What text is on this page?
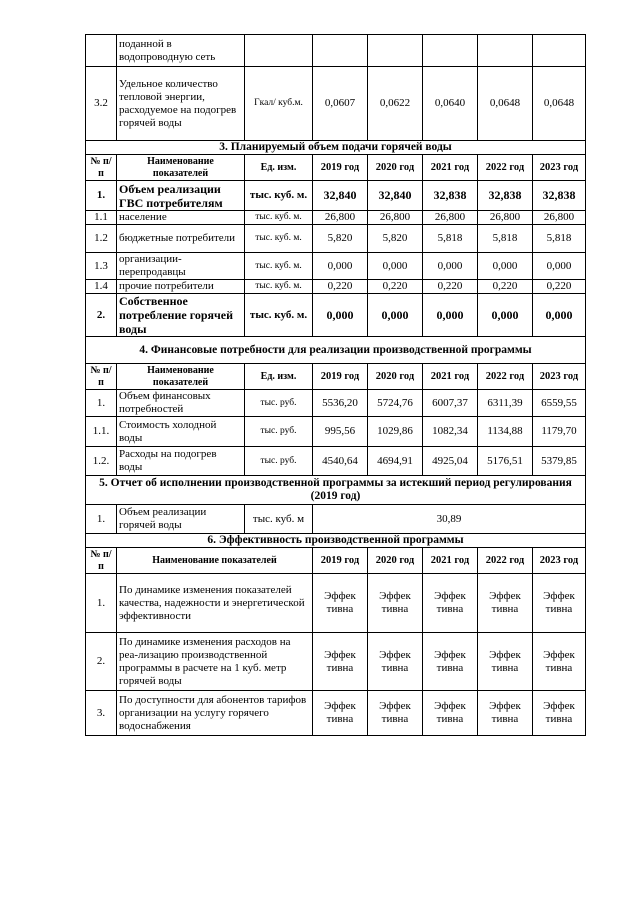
	поданной в водопроводную сеть						
3.2	Удельное количество тепловой энергии, расходуемое на подогрев горячей воды	Гкал/ куб.м.	0,0607	0,0622	0,0640	0,0648	0,0648
3. Планируемый объем подачи горячей воды							
№ п/п	Наименование показателей	Ед. изм.	2019 год	2020 год	2021 год	2022 год	2023 год
1.	Объем реализации ГВС потребителям	тыс. куб. м.	32,840	32,840	32,838	32,838	32,838
1.1	население	тыс. куб. м.	26,800	26,800	26,800	26,800	26,800
1.2	бюджетные потребители	тыс. куб. м.	5,820	5,820	5,818	5,818	5,818
1.3	организации-перепродавцы	тыс. куб. м.	0,000	0,000	0,000	0,000	0,000
1.4	прочие потребители	тыс. куб. м.	0,220	0,220	0,220	0,220	0,220
2.	Собственное потребление горячей воды	тыс. куб. м.	0,000	0,000	0,000	0,000	0,000
4. Финансовые потребности для реализации производственной программы							
№ п/п	Наименование показателей	Ед. изм.	2019 год	2020 год	2021 год	2022 год	2023 год
1.	Объем финансовых потребностей	тыс. руб.	5536,20	5724,76	6007,37	6311,39	6559,55
1.1.	Стоимость холодной воды	тыс. руб.	995,56	1029,86	1082,34	1134,88	1179,70
1.2.	Расходы на подогрев воды	тыс. руб.	4540,64	4694,91	4925,04	5176,51	5379,85
5. Отчет об исполнении производственной программы за истекший период регулирования (2019 год)							
1.	Объем реализации горячей воды	тыс. куб. м	30,89				
6. Эффективность производственной программы							
№ п/п	Наименование показателей		2019 год	2020 год	2021 год	2022 год	2023 год
1.	По динамике изменения показателей качества, надежности и энергетической эффективности		Эффек тивна	Эффек тивна	Эффек тивна	Эффек тивна	Эффек тивна
2.	По динамике изменения расходов на реа-лизацию производственной программы в расчете на 1 куб. метр горячей воды		Эффек тивна	Эффек тивна	Эффек тивна	Эффек тивна	Эффек тивна
3.	По доступности для абонентов тарифов организации на услугу горячего водоснабжения		Эффек тивна	Эффек тивна	Эффек тивна	Эффек тивна	Эффек тивна
